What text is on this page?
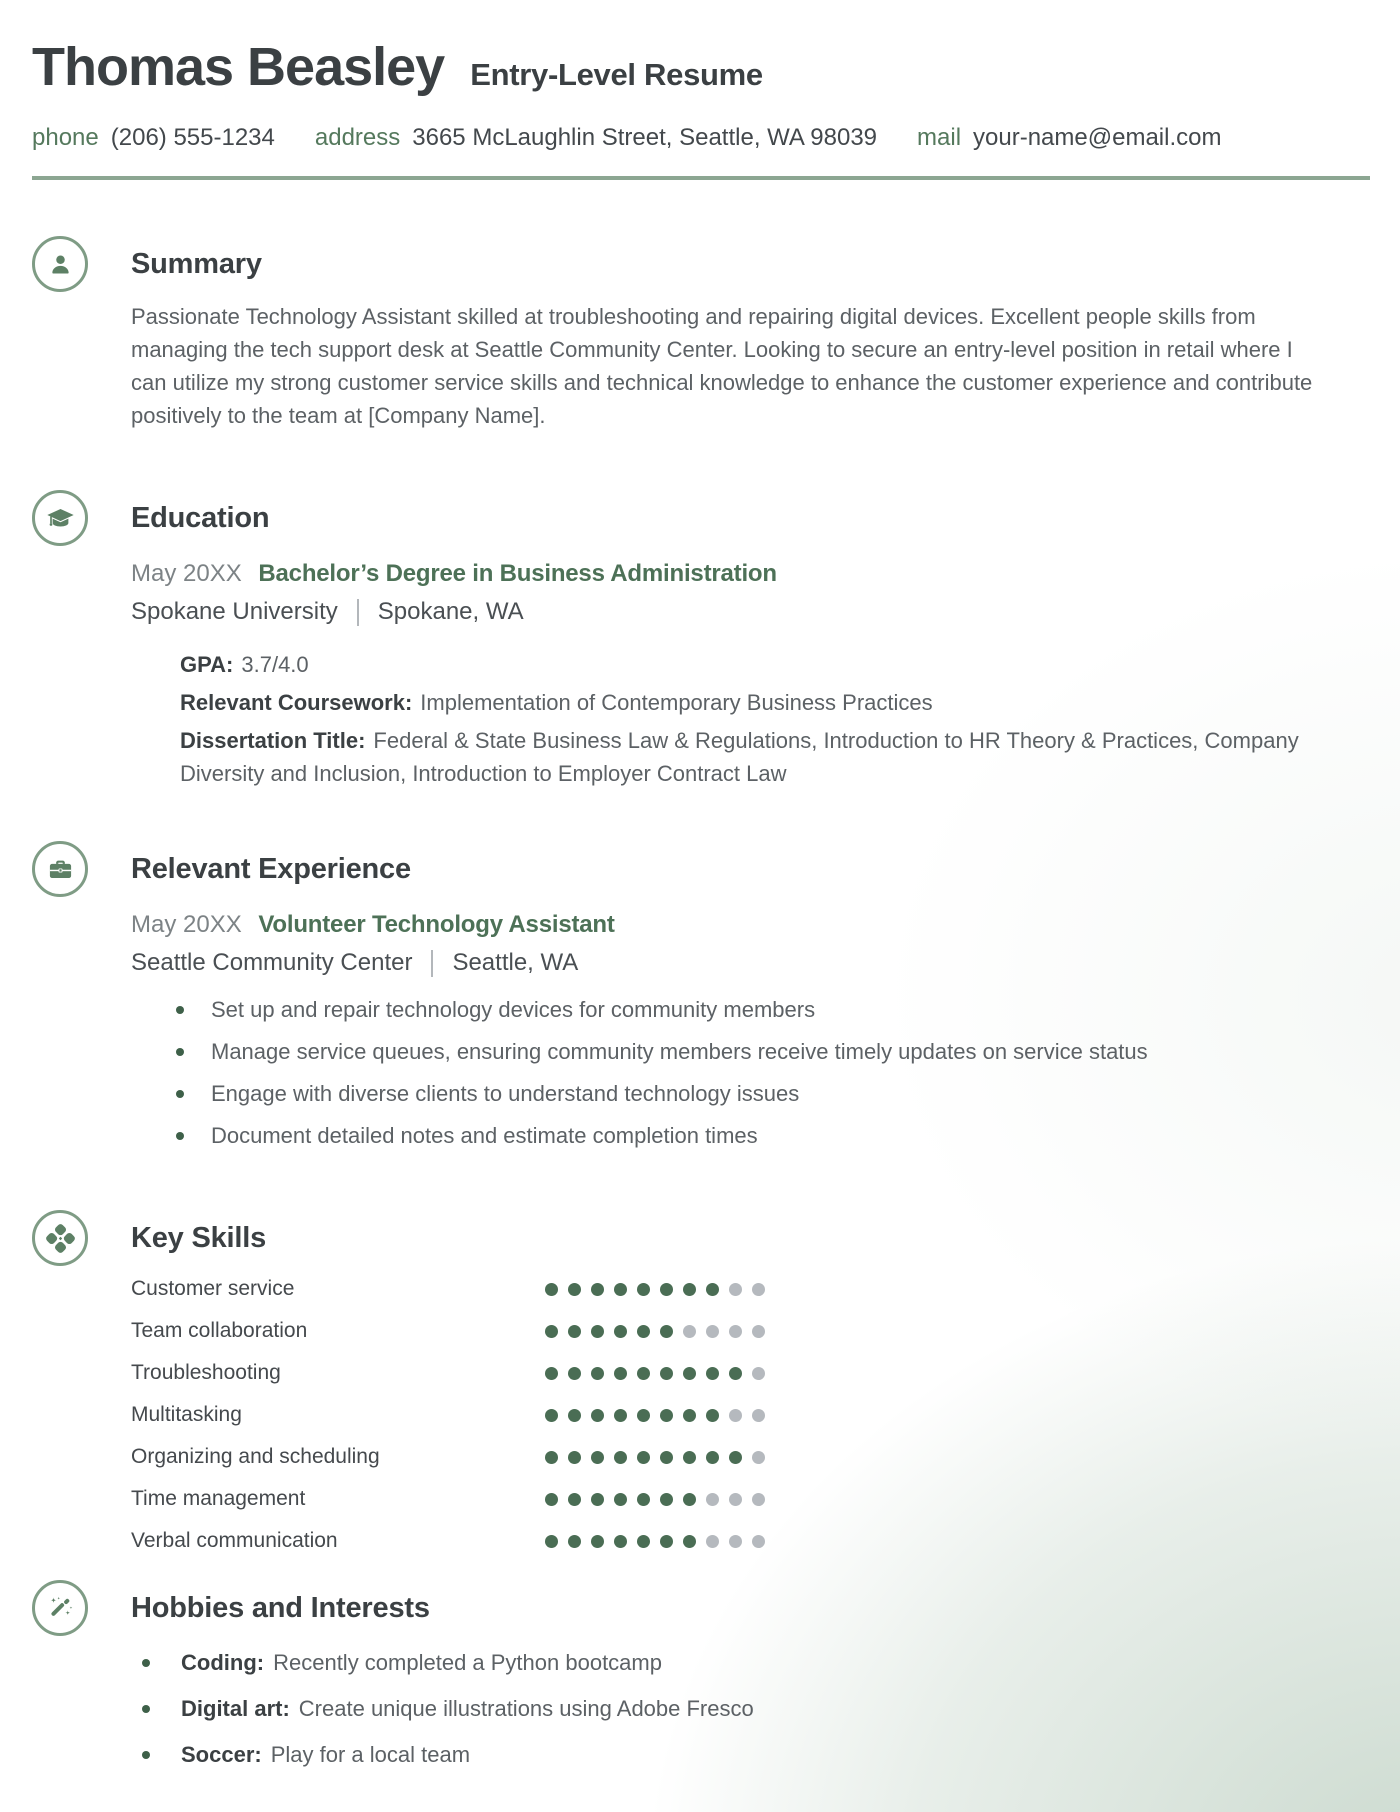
Thomas Beasley Entry-Level Resume
phone (206) 555-1234 address 3665 McLaughlin Street, Seattle, WA 98039 mail your-name@email.com
Summary
Passionate Technology Assistant skilled at troubleshooting and repairing digital devices. Excellent people skills from managing the tech support desk at Seattle Community Center. Looking to secure an entry-level position in retail where I can utilize my strong customer service skills and technical knowledge to enhance the customer experience and contribute positively to the team at [Company Name].
Education
May 20XX Bachelor’s Degree in Business Administration
Spokane University Spokane, WA
GPA: 3.7/4.0
Relevant Coursework: Implementation of Contemporary Business Practices
Dissertation Title: Federal & State Business Law & Regulations, Introduction to HR Theory & Practices, Company Diversity and Inclusion, Introduction to Employer Contract Law
Relevant Experience
May 20XX Volunteer Technology Assistant
Seattle Community Center Seattle, WA
Set up and repair technology devices for community members
Manage service queues, ensuring community members receive timely updates on service status
Engage with diverse clients to understand technology issues
Document detailed notes and estimate completion times
Key Skills
Customer service
Team collaboration
Troubleshooting
Multitasking
Organizing and scheduling
Time management
Verbal communication
Hobbies and Interests
Coding: Recently completed a Python bootcamp
Digital art: Create unique illustrations using Adobe Fresco
Soccer: Play for a local team
